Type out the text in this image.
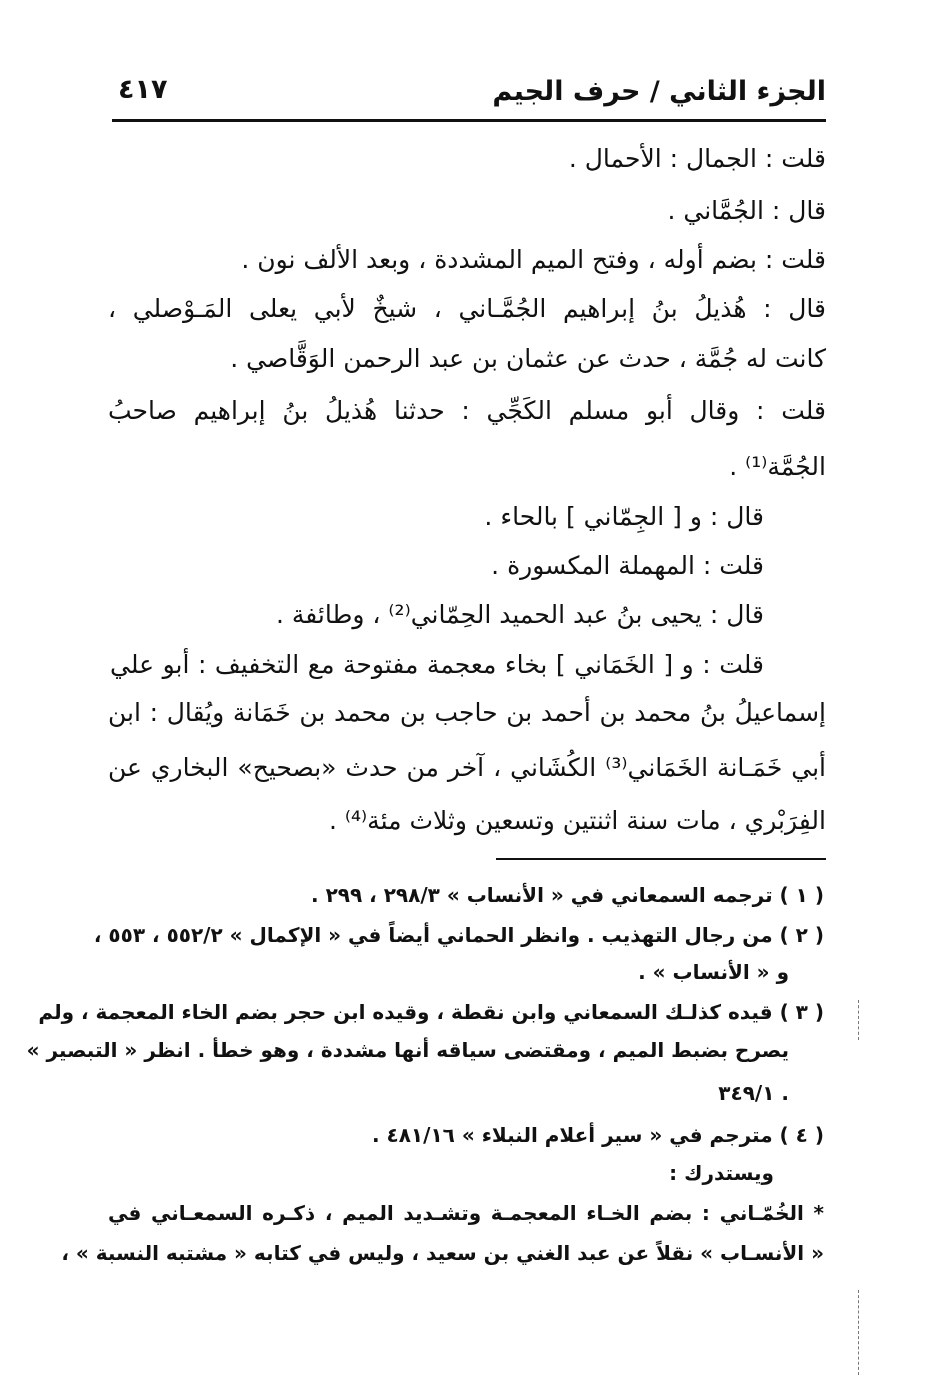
الجزء الثاني / حرف الجيم
٤١٧
قلت : الجمال : الأحمال .
قال : الجُمَّاني .
قلت : بضم أوله ، وفتح الميم المشددة ، وبعد الألف نون .
قال : هُذيلُ بنُ إبراهيم الجُمَّـاني ، شيخٌ لأبي يعلى المَـوْصلي ،
كانت له جُمَّة ، حدث عن عثمان بن عبد الرحمن الوَقَّاصي .
قلت : وقال أبو مسلم الكَجِّي : حدثنا هُذيلُ بنُ إبراهيم صاحبُ
الجُمَّة⁽¹⁾ .
قال : و [ الجِمّاني ] بالحاء .
قلت : المهملة المكسورة .
قال : يحيى بنُ عبد الحميد الحِمّاني⁽²⁾ ، وطائفة .
قلت : و [ الخَمَاني ] بخاء معجمة مفتوحة مع التخفيف : أبو علي
إسماعيلُ بنُ محمد بن أحمد بن حاجب بن محمد بن خَمَانة ويُقال : ابن
أبي خَمَـانة الخَمَاني⁽³⁾ الكُشَاني ، آخر من حدث «بصحيح» البخاري عن
الفِرَبْري ، مات سنة اثنتين وتسعين وثلاث مئة⁽⁴⁾ .
( ١ ) ترجمه السمعاني في « الأنساب » ٢٩٨/٣ ، ٢٩٩ .
( ٢ ) من رجال التهذيب . وانظر الحماني أيضاً في « الإكمال » ٥٥٢/٢ ، ٥٥٣ ،
و « الأنساب » .
( ٣ ) قيده كذلـك السمعاني وابن نقطة ، وقيده ابن حجر بضم الخاء المعجمة ، ولم
يصرح بضبط الميم ، ومقتضى سياقه أنها مشددة ، وهو خطأ . انظر « التبصير »
. ٣٤٩/١
( ٤ ) مترجم في « سير أعلام النبلاء » ٤٨١/١٦ .
ويستدرك :
* الخُمّـاني : بضم الخـاء المعجمـة وتشـديد الميم ، ذكـره السمعـاني في
« الأنسـاب » نقلاً عن عبد الغني بن سعيد ، وليس في كتابه « مشتبه النسبة » ،
